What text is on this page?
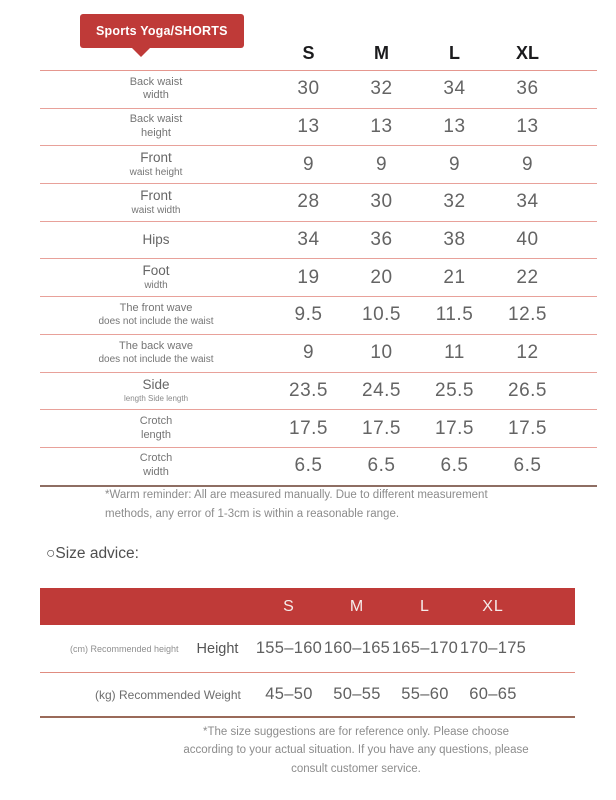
Sports Yoga/SHORTS
S	M	L	XL
Back waist
width	30	32	34	36
Back waist
height	13	13	13	13
Front
waist height	9	9	9	9
Front
waist width	28	30	32	34
Hips	34	36	38	40
Foot
width	19	20	21	22
The front wave
does not include the waist	9.5 10.5 11.5 12.5
The back wave
does not include the waist	9	10	11	12
Side
length Side length	23.5 24.5 25.5 26.5
Crotch
length	17.5 17.5 17.5 17.5
Crotch
width	6.5 6.5 6.5 6.5
*Warm reminder: All are measured manually. Due to different measurement methods, any error of 1-3cm is within a reasonable range.
○Size advice:
S	M	L	XL
(cm) Recommended height	Height 155–160 160–165 165–170 170–175
(kg) Recommended Weight 45–50 50–55 55–60 60–65
*The size suggestions are for reference only. Please choose according to your actual situation. If you have any questions, please consult customer service.
